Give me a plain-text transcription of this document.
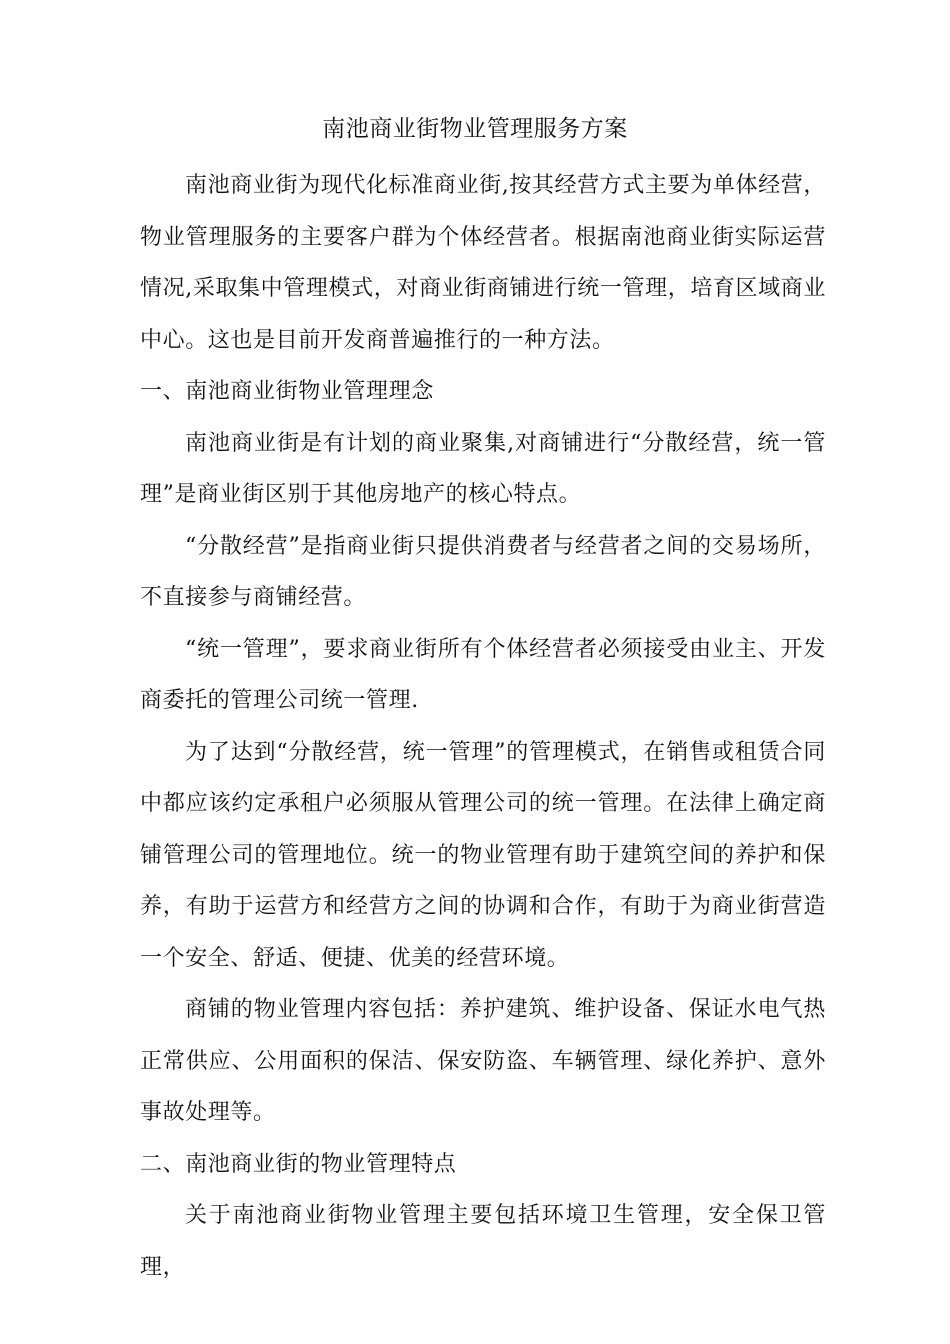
南池商业街物业管理服务方案

南池商业街为现代化标准商业街,按其经营方式主要为单体经营，物业管理服务的主要客户群为个体经营者。根据南池商业街实际运营情况,采取集中管理模式，对商业街商铺进行统一管理，培育区域商业中心。这也是目前开发商普遍推行的一种方法。

一、南池商业街物业管理理念

南池商业街是有计划的商业聚集,对商铺进行“分散经营，统一管理”是商业街区别于其他房地产的核心特点。

“分散经营”是指商业街只提供消费者与经营者之间的交易场所，不直接参与商铺经营。

“统一管理”，要求商业街所有个体经营者必须接受由业主、开发商委托的管理公司统一管理.

为了达到“分散经营，统一管理”的管理模式，在销售或租赁合同中都应该约定承租户必须服从管理公司的统一管理。在法律上确定商铺管理公司的管理地位。统一的物业管理有助于建筑空间的养护和保养，有助于运营方和经营方之间的协调和合作，有助于为商业街营造一个安全、舒适、便捷、优美的经营环境。

商铺的物业管理内容包括：养护建筑、维护设备、保证水电气热正常供应、公用面积的保洁、保安防盗、车辆管理、绿化养护、意外事故处理等。

二、南池商业街的物业管理特点

关于南池商业街物业管理主要包括环境卫生管理，安全保卫管理，
